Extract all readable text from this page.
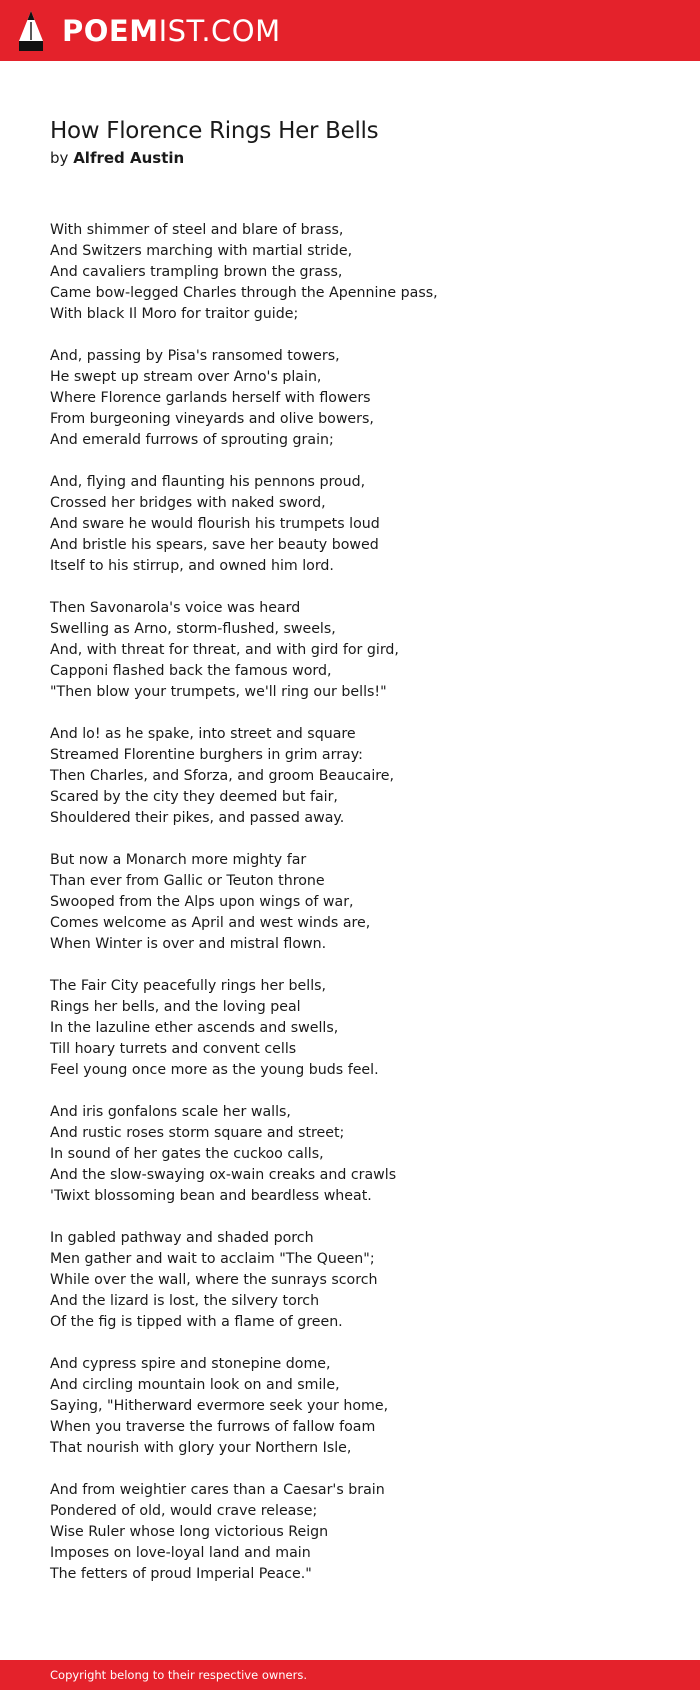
POEMIST.COM
How Florence Rings Her Bells
by Alfred Austin

With shimmer of steel and blare of brass,
And Switzers marching with martial stride,
And cavaliers trampling brown the grass,
Came bow-legged Charles through the Apennine pass,
With black Il Moro for traitor guide;

And, passing by Pisa's ransomed towers,
He swept up stream over Arno's plain,
Where Florence garlands herself with flowers
From burgeoning vineyards and olive bowers,
And emerald furrows of sprouting grain;

And, flying and flaunting his pennons proud,
Crossed her bridges with naked sword,
And sware he would flourish his trumpets loud
And bristle his spears, save her beauty bowed
Itself to his stirrup, and owned him lord.

Then Savonarola's voice was heard
Swelling as Arno, storm-flushed, sweels,
And, with threat for threat, and with gird for gird,
Capponi flashed back the famous word,
"Then blow your trumpets, we'll ring our bells!"

And lo! as he spake, into street and square
Streamed Florentine burghers in grim array:
Then Charles, and Sforza, and groom Beaucaire,
Scared by the city they deemed but fair,
Shouldered their pikes, and passed away.

But now a Monarch more mighty far
Than ever from Gallic or Teuton throne
Swooped from the Alps upon wings of war,
Comes welcome as April and west winds are,
When Winter is over and mistral flown.

The Fair City peacefully rings her bells,
Rings her bells, and the loving peal
In the lazuline ether ascends and swells,
Till hoary turrets and convent cells
Feel young once more as the young buds feel.

And iris gonfalons scale her walls,
And rustic roses storm square and street;
In sound of her gates the cuckoo calls,
And the slow-swaying ox-wain creaks and crawls
'Twixt blossoming bean and beardless wheat.

In gabled pathway and shaded porch
Men gather and wait to acclaim "The Queen";
While over the wall, where the sunrays scorch
And the lizard is lost, the silvery torch
Of the fig is tipped with a flame of green.

And cypress spire and stonepine dome,
And circling mountain look on and smile,
Saying, "Hitherward evermore seek your home,
When you traverse the furrows of fallow foam
That nourish with glory your Northern Isle,

And from weightier cares than a Caesar's brain
Pondered of old, would crave release;
Wise Ruler whose long victorious Reign
Imposes on love-loyal land and main
The fetters of proud Imperial Peace."

Copyright belong to their respective owners.
